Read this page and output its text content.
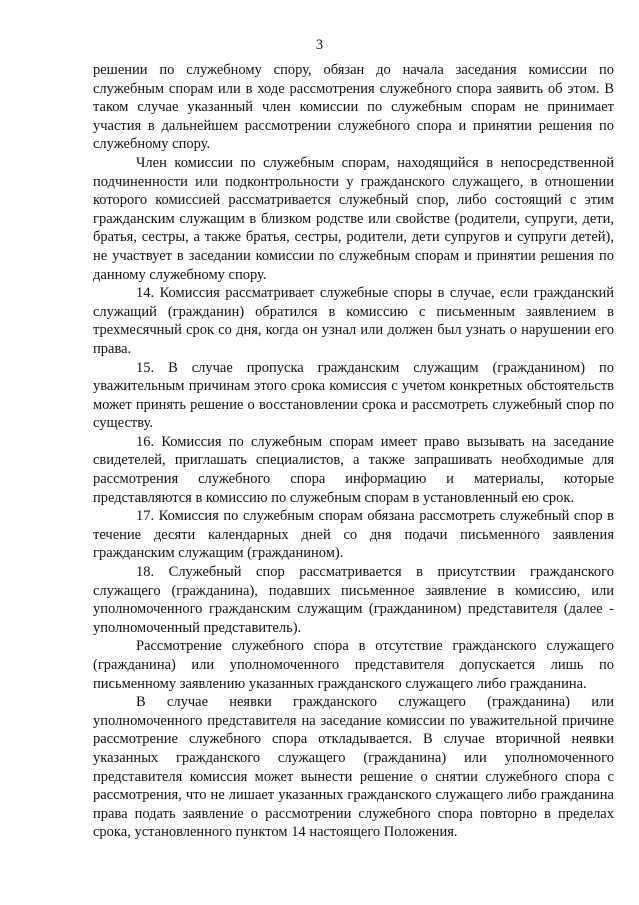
3

решении по служебному спору, обязан до начала заседания комиссии по служебным спорам или в ходе рассмотрения служебного спора заявить об этом. В таком случае указанный член комиссии по служебным спорам не принимает участия в дальнейшем рассмотрении служебного спора и принятии решения по служебному спору.

Член комиссии по служебным спорам, находящийся в непосредственной подчиненности или подконтрольности у гражданского служащего, в отношении которого комиссией рассматривается служебный спор, либо состоящий с этим гражданским служащим в близком родстве или свойстве (родители, супруги, дети, братья, сестры, а также братья, сестры, родители, дети супругов и супруги детей), не участвует в заседании комиссии по служебным спорам и принятии решения по данному служебному спору.

14. Комиссия рассматривает служебные споры в случае, если гражданский служащий (гражданин) обратился в комиссию с письменным заявлением в трехмесячный срок со дня, когда он узнал или должен был узнать о нарушении его права.

15. В случае пропуска гражданским служащим (гражданином) по уважительным причинам этого срока комиссия с учетом конкретных обстоятельств может принять решение о восстановлении срока и рассмотреть служебный спор по существу.

16. Комиссия по служебным спорам имеет право вызывать на заседание свидетелей, приглашать специалистов, а также запрашивать необходимые для рассмотрения служебного спора информацию и материалы, которые представляются в комиссию по служебным спорам в установленный ею срок.

17. Комиссия по служебным спорам обязана рассмотреть служебный спор в течение десяти календарных дней со дня подачи письменного заявления гражданским служащим (гражданином).

18. Служебный спор рассматривается в присутствии гражданского служащего (гражданина), подавших письменное заявление в комиссию, или уполномоченного гражданским служащим (гражданином) представителя (далее - уполномоченный представитель).

Рассмотрение служебного спора в отсутствие гражданского служащего (гражданина) или уполномоченного представителя допускается лишь по письменному заявлению указанных гражданского служащего либо гражданина.

В случае неявки гражданского служащего (гражданина) или уполномоченного представителя на заседание комиссии по уважительной причине рассмотрение служебного спора откладывается. В случае вторичной неявки указанных гражданского служащего (гражданина) или уполномоченного представителя комиссия может вынести решение о снятии служебного спора с рассмотрения, что не лишает указанных гражданского служащего либо гражданина права подать заявление о рассмотрении служебного спора повторно в пределах срока, установленного пунктом 14 настоящего Положения.
